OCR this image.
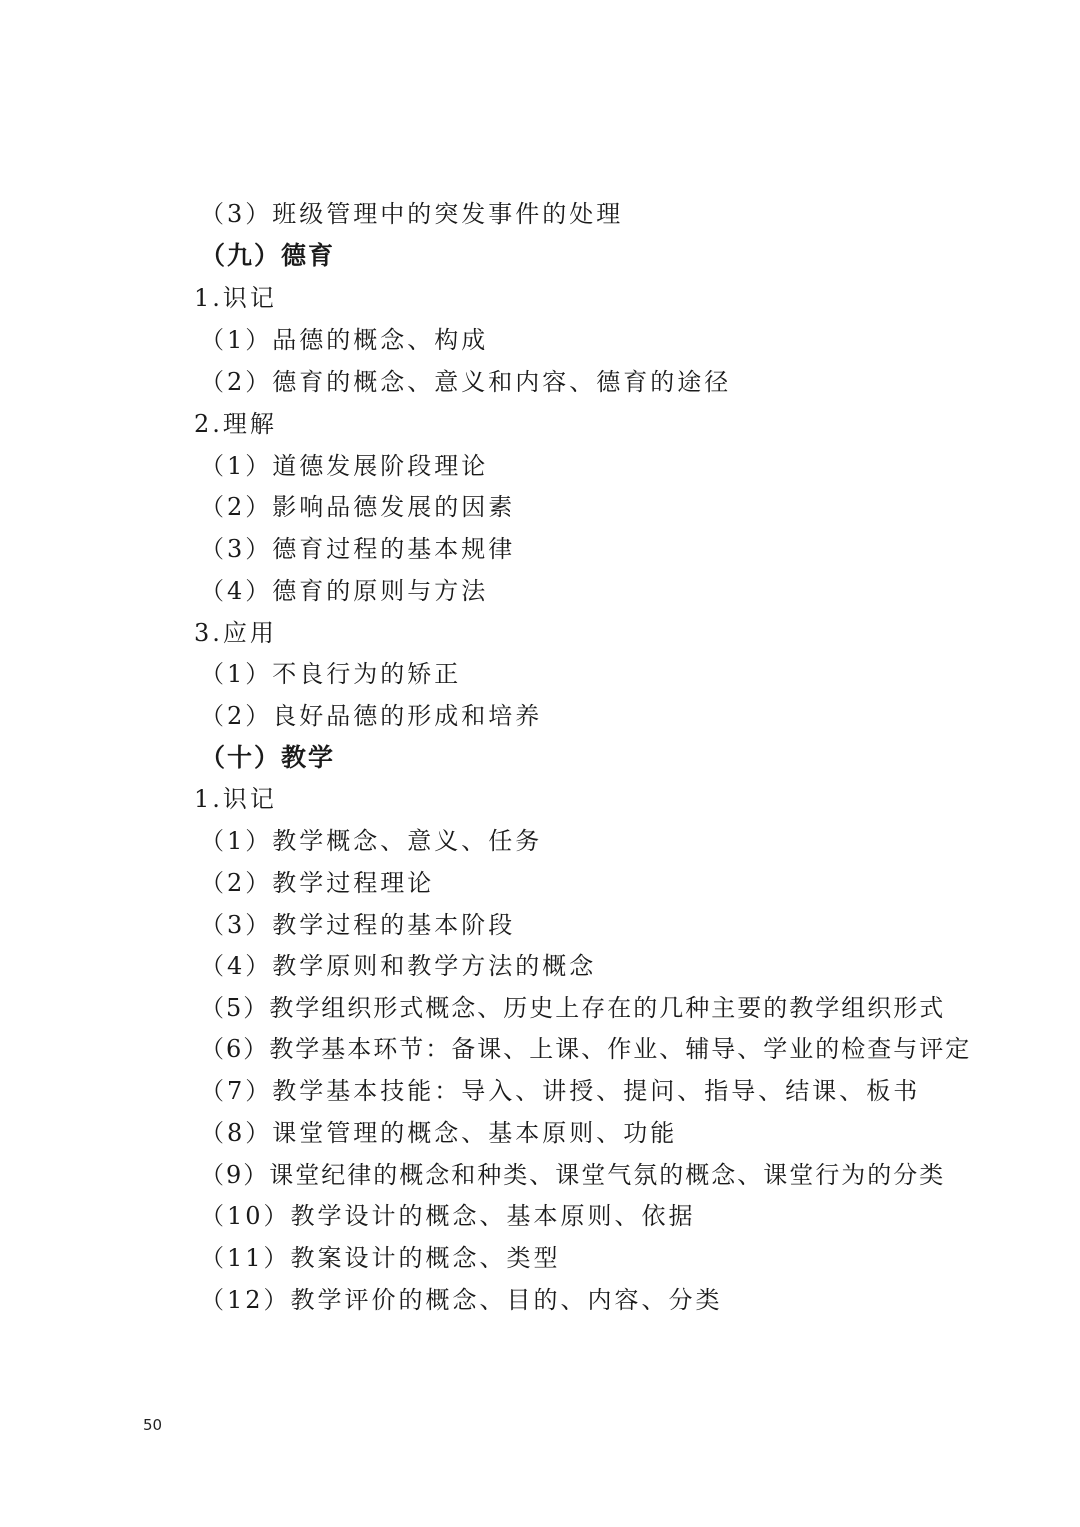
（3）班级管理中的突发事件的处理
（九）德育
1.识记
（1）品德的概念、构成
（2）德育的概念、意义和内容、德育的途径
2.理解
（1）道德发展阶段理论
（2）影响品德发展的因素
（3）德育过程的基本规律
（4）德育的原则与方法
3.应用
（1）不良行为的矫正
（2）良好品德的形成和培养
（十）教学
1.识记
（1）教学概念、意义、任务
（2）教学过程理论
（3）教学过程的基本阶段
（4）教学原则和教学方法的概念
（5）教学组织形式概念、历史上存在的几种主要的教学组织形式
（6）教学基本环节：备课、上课、作业、辅导、学业的检查与评定
（7）教学基本技能：导入、讲授、提问、指导、结课、板书
（8）课堂管理的概念、基本原则、功能
（9）课堂纪律的概念和种类、课堂气氛的概念、课堂行为的分类
（10）教学设计的概念、基本原则、依据
（11）教案设计的概念、类型
（12）教学评价的概念、目的、内容、分类
50
